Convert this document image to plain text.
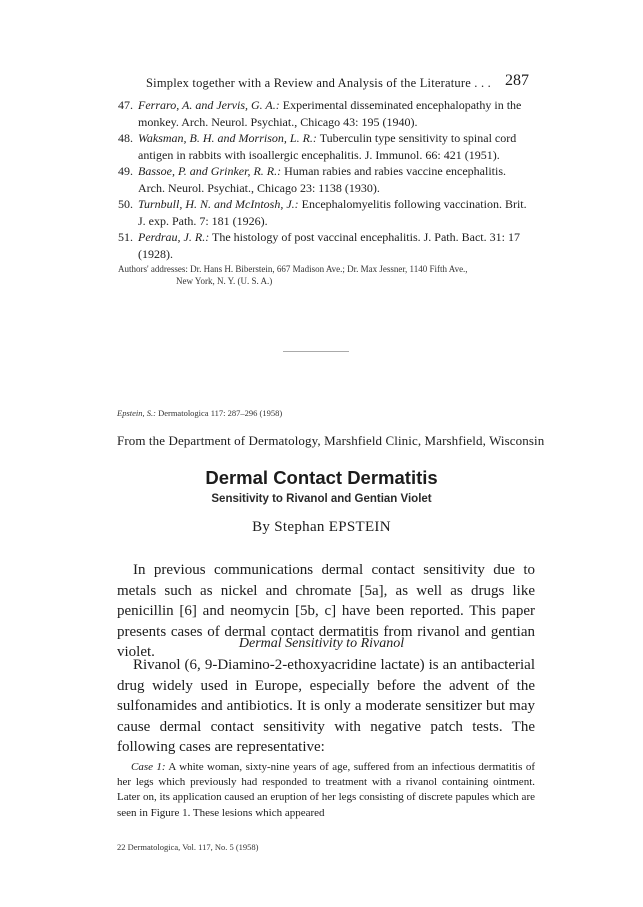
Simplex together with a Review and Analysis of the Literature . . . 287

47. Ferraro, A. and Jervis, G. A.: Experimental disseminated encephalopathy in the monkey. Arch. Neurol. Psychiat., Chicago 43: 195 (1940).

48. Waksman, B. H. and Morrison, L. R.: Tuberculin type sensitivity to spinal cord antigen in rabbits with isoallergic encephalitis. J. Immunol. 66: 421 (1951).

49. Bassoe, P. and Grinker, R. R.: Human rabies and rabies vaccine encephalitis. Arch. Neurol. Psychiat., Chicago 23: 1138 (1930).

50. Turnbull, H. N. and McIntosh, J.: Encephalomyelitis following vaccination. Brit. J. exp. Path. 7: 181 (1926).

51. Perdrau, J. R.: The histology of post vaccinal encephalitis. J. Path. Bact. 31: 17 (1928).

Authors' addresses: Dr. Hans H. Biberstein, 667 Madison Ave.; Dr. Max Jessner, 1140 Fifth Ave.,
New York, N. Y. (U. S. A.)
Epstein, S.: Dermatologica 117: 287–296 (1958)
From the Department of Dermatology, Marshfield Clinic, Marshfield, Wisconsin
Dermal Contact Dermatitis
Sensitivity to Rivanol and Gentian Violet
By Stephan EPSTEIN
In previous communications dermal contact sensitivity due to metals such as nickel and chromate [5a], as well as drugs like penicillin [6] and neomycin [5b, c] have been reported. This paper presents cases of dermal contact dermatitis from rivanol and gentian violet.
Dermal Sensitivity to Rivanol
Rivanol (6, 9-Diamino-2-ethoxyacridine lactate) is an antibacterial drug widely used in Europe, especially before the advent of the sulfonamides and antibiotics. It is only a moderate sensitizer but may cause dermal contact sensitivity with negative patch tests. The following cases are representative:
Case 1: A white woman, sixty-nine years of age, suffered from an infectious dermatitis of her legs which previously had responded to treatment with a rivanol containing ointment. Later on, its application caused an eruption of her legs consisting of discrete papules which are seen in Figure 1. These lesions which appeared
22 Dermatologica, Vol. 117, No. 5 (1958)
